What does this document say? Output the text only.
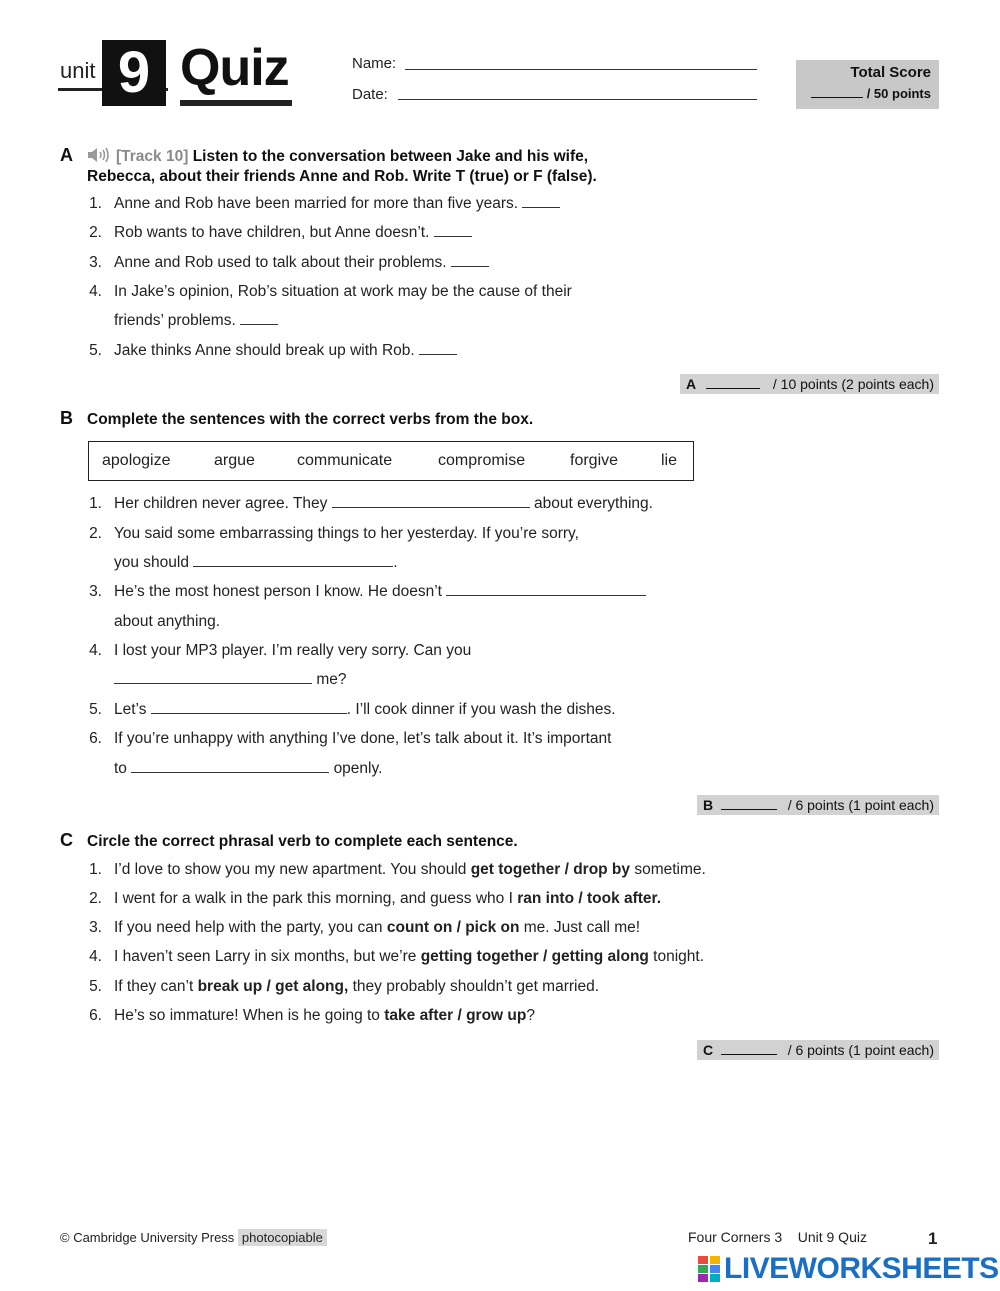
unit 9 Quiz	Name:
Date:
Total Score
/ 50 points
A	[Track 10] Listen to the conversation between Jake and his wife,
Rebecca, about their friends Anne and Rob. Write T (true) or F (false).
1. Anne and Rob have been married for more than five years.
2. Rob wants to have children, but Anne doesn’t.
3. Anne and Rob used to talk about their problems.
4. In Jake’s opinion, Rob’s situation at work may be the cause of their
friends’ problems.
5. Jake thinks Anne should break up with Rob.
A	/ 10 points (2 points each)
B Complete the sentences with the correct verbs from the box.
apologize	argue	communicate	compromise	forgive	lie
1. Her children never agree. They	about everything.
2. You said some embarrassing things to her yesterday. If you’re sorry,
you should	.
3. He’s the most honest person I know. He doesn’t
about anything.
4. I lost your MP3 player. I’m really very sorry. Can you
me?
5. Let’s	. I’ll cook dinner if you wash the dishes.
6. If you’re unhappy with anything I’ve done, let’s talk about it. It’s important
to	openly.
B	/ 6 points (1 point each)
C Circle the correct phrasal verb to complete each sentence.
1. I’d love to show you my new apartment. You should get together / drop by sometime.
2. I went for a walk in the park this morning, and guess who I ran into / took after.
3. If you need help with the party, you can count on / pick on me. Just call me!
4. I haven’t seen Larry in six months, but we’re getting together / getting along tonight.
5. If they can’t break up / get along, they probably shouldn’t get married.
6. He’s so immature! When is he going to take after / grow up?
C	/ 6 points (1 point each)
© Cambridge University Press photocopiable	Four Corners 3 Unit 9 Quiz	1
LIVEWORKSHEETS
